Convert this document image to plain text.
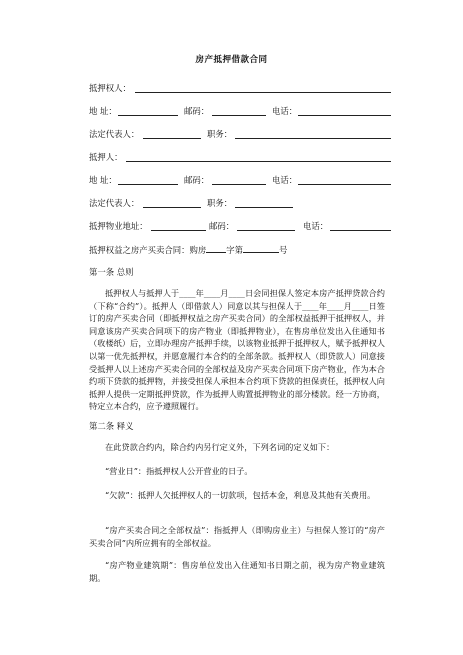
房产抵押借款合同
抵押权人：
地 址：	邮码：	电话：
法定代表人：	职务：
抵押人：
地 址：	邮码：	电话：
法定代表人：	职务：
抵押物业地址：	邮码：	电话：
抵押权益之房产买卖合同：购房 字第	号
第一条 总则
抵押权人与抵押人于____年____月____日会同担保人签定本房产抵押贷款合约（下称“合约”）。抵押人（即借款人）同意以其与担保人于____年____月____日签订的房产买卖合同（即抵押权益之房产买卖合同）的全部权益抵押于抵押权人，并同意该房产买卖合同项下的房产物业（即抵押物业），在售房单位发出入住通知书（收楼纸）后，立即办理房产抵押手续，以该物业抵押于抵押权人，赋予抵押权人以第一优先抵押权，并愿意履行本合约的全部条款。抵押权人（即贷款人）同意接受抵押人以上述房产买卖合同的全部权益及房产买卖合同项下房产物业，作为本合约项下贷款的抵押物，并接受担保人承担本合约项下贷款的担保责任，抵押权人向抵押人提供一定期抵押贷款，作为抵押人购置抵押物业的部分楼款。经一方协商，特定立本合约，应予遵照履行。
第二条 释义
在此贷款合约内，除合约内另行定义外，下列名词的定义如下：
“营业日”：指抵押权人公开营业的日子。
“欠款”：抵押人欠抵押权人的一切款项，包括本金，利息及其他有关费用。
“房产买卖合同之全部权益”：指抵押人（即购房业主）与担保人签订的“房产买卖合同”内所应拥有的全部权益。
“房产物业建筑期”：售房单位发出入住通知书日期之前，视为房产物业建筑期。
